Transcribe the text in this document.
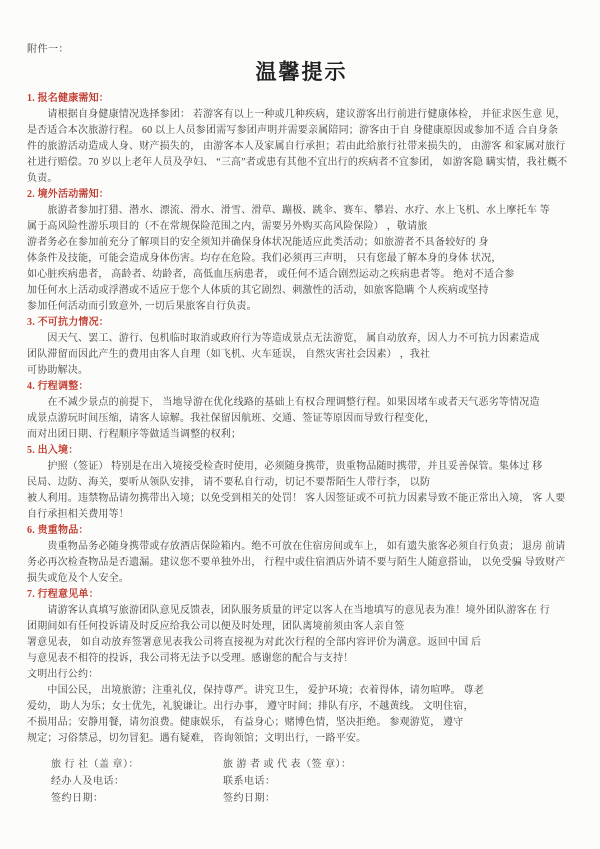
附件一：
温馨提示
1. 报名健康需知：
　　请根据自身健康情况选择参团： 若游客有以上一种或几种疾病，建议游客出行前进行健康体检， 并征求医生意 见，
是否适合本次旅游行程。 60 以上人员参团需写参团声明并需要亲属陪同；游客由于自 身健康原因或参加不适 合自身条
件的旅游活动造成人身、财产损失的， 由游客本人及家属自行承担；若由此给旅行社带来损失的， 由游客 和家属对旅行
社进行赔偿。70 岁以上老年人员及孕妇、 “三高”者或患有其他不宜出行的疾病者不宜参团， 如游客隐 瞒实情，我社概不
负责。
2. 境外活动需知：
　　旅游者参加打猎、潜水、漂流、滑水、滑雪、滑草、蹦极、跳伞、赛车、攀岩、水疗、水上飞机、水上摩托车 等
属于高风险性游乐项目的（不在常规保险范围之内，需要另外购买高风险保险） ，敬请旅
游者务必在参加前充分了解项目的安全须知并确保身体状况能适应此类活动；如旅游者不具备较好的 身
体条件及技能，可能会造成身体伤害。均存在危险。我们必须再三声明， 只有您最了解本身的身体 状况，
如心脏疾病患者， 高龄者、幼龄者，高低血压病患者， 或任何不适合剧烈运动之疾病患者等。 绝对不适合参
加任何水上活动或浮潜或不适应于您个人体质的其它剧烈、刺激性的活动，如旅客隐瞒 个人疾病或坚持
参加任何活动而引致意外, 一切后果旅客自行负责。
3. 不可抗力情况：
　　因天气、罢工、游行、包机临时取消或政府行为等造成景点无法游览， 属自动放弃，因人力不可抗力因素造成
团队滞留而因此产生的费用由客人自理（如飞机、火车延误， 自然灾害社会因素） ，我社
可协助解决。
4. 行程调整：
　　在不减少景点的前提下， 当地导游在优化线路的基础上有权合理调整行程。如果因堵车或者天气恶劣等情况造
成景点游玩时间压缩，请客人谅解。我社保留因航班、交通、签证等原因而导致行程变化，
而对出团日期、行程顺序等做适当调整的权利；
5. 出入境：
　　护照（签证） 特别是在出入境接受检查时使用，必须随身携带，贵重物品随时携带，并且妥善保管。集体过 移
民局、边防、海关，要听从领队安排， 请不要私自行动，切记不要帮陌生人带行李， 以防
被人利用。违禁物品请勿携带出入境；以免受到相关的处罚！ 客人因签证或不可抗力因素导致不能正常出入境， 客 人要
自行承担相关费用等！
6. 贵重物品：
　　贵重物品务必随身携带或存放酒店保险箱内。绝不可放在住宿房间或车上， 如有遗失旅客必须自行负责； 退房 前请
务必再次检查物品是否遗漏。建议您不要单独外出， 行程中或住宿酒店外请不要与陌生人随意搭讪， 以免受骗 导致财产
损失或危及个人安全。
7. 行程意见单：
　　请游客认真填写旅游团队意见反馈表，团队服务质量的评定以客人在当地填写的意见表为准！境外团队游客在 行
团期间如有任何投诉请及时反应给我公司以便及时处理，团队离境前须由客人亲自签
署意见表， 如自动放弃签署意见表我公司将直接视为对此次行程的全部内容评价为满意。返回中国 后
与意见表不相符的投诉，我公司将无法予以受理。感谢您的配合与支持！
文明出行公约：
　　中国公民， 出境旅游；注重礼仪，保持尊严。讲究卫生， 爱护环境；衣着得体，请勿喧哗。 尊老
爱幼， 助人为乐；女士优先，礼貌谦让。出行办事， 遵守时间；排队有序，不越黄线。 文明住宿，
不损用品；安静用餐，请勿浪费。健康娱乐， 有益身心；赌博色情，坚决拒绝。 参观游览， 遵守
规定；习俗禁忌，切勿冒犯。遇有疑难， 咨询领馆；文明出行，一路平安。
旅 行 社（盖 章）：	旅 游 者 或 代 表（签 章）：
经办人及电话：	联系电话：
签约日期：	签约日期：
